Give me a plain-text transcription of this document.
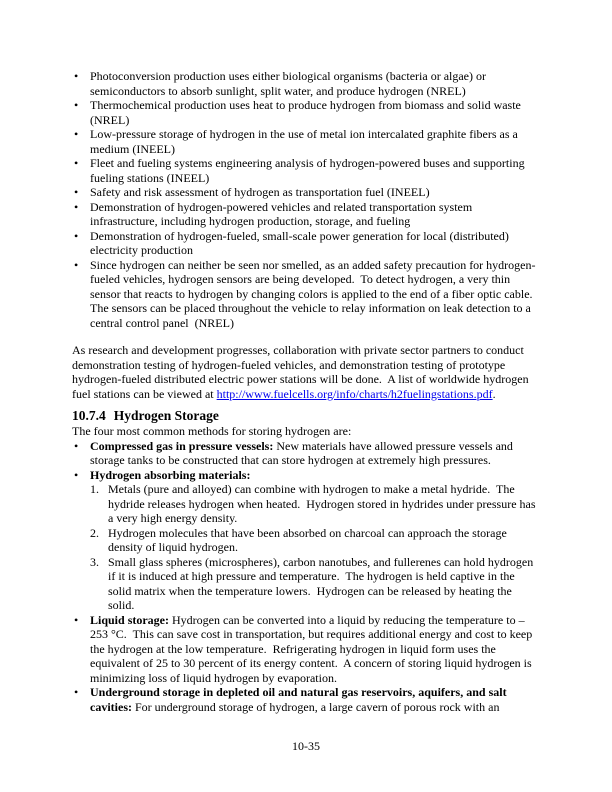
• Photoconversion production uses either biological organisms (bacteria or algae) or semiconductors to absorb sunlight, split water, and produce hydrogen (NREL)
• Thermochemical production uses heat to produce hydrogen from biomass and solid waste (NREL)
• Low-pressure storage of hydrogen in the use of metal ion intercalated graphite fibers as a medium (INEEL)
• Fleet and fueling systems engineering analysis of hydrogen-powered buses and supporting fueling stations (INEEL)
• Safety and risk assessment of hydrogen as transportation fuel (INEEL)
• Demonstration of hydrogen-powered vehicles and related transportation system infrastructure, including hydrogen production, storage, and fueling
• Demonstration of hydrogen-fueled, small-scale power generation for local (distributed) electricity production
• Since hydrogen can neither be seen nor smelled, as an added safety precaution for hydrogen-fueled vehicles, hydrogen sensors are being developed.  To detect hydrogen, a very thin sensor that reacts to hydrogen by changing colors is applied to the end of a fiber optic cable.  The sensors can be placed throughout the vehicle to relay information on leak detection to a central control panel  (NREL)

As research and development progresses, collaboration with private sector partners to conduct demonstration testing of hydrogen-fueled vehicles, and demonstration testing of prototype hydrogen-fueled distributed electric power stations will be done.  A list of worldwide hydrogen fuel stations can be viewed at http://www.fuelcells.org/info/charts/h2fuelingstations.pdf.

10.7.4 Hydrogen Storage

The four most common methods for storing hydrogen are:

• Compressed gas in pressure vessels: New materials have allowed pressure vessels and storage tanks to be constructed that can store hydrogen at extremely high pressures.
• Hydrogen absorbing materials:
1. Metals (pure and alloyed) can combine with hydrogen to make a metal hydride.  The hydride releases hydrogen when heated.  Hydrogen stored in hydrides under pressure has a very high energy density.
2. Hydrogen molecules that have been absorbed on charcoal can approach the storage density of liquid hydrogen.
3. Small glass spheres (microspheres), carbon nanotubes, and fullerenes can hold hydrogen if it is induced at high pressure and temperature.  The hydrogen is held captive in the solid matrix when the temperature lowers.  Hydrogen can be released by heating the solid.
• Liquid storage: Hydrogen can be converted into a liquid by reducing the temperature to – 253 °C.  This can save cost in transportation, but requires additional energy and cost to keep the hydrogen at the low temperature.  Refrigerating hydrogen in liquid form uses the equivalent of 25 to 30 percent of its energy content.  A concern of storing liquid hydrogen is minimizing loss of liquid hydrogen by evaporation.
• Underground storage in depleted oil and natural gas reservoirs, aquifers, and salt cavities: For underground storage of hydrogen, a large cavern of porous rock with an
10-35
